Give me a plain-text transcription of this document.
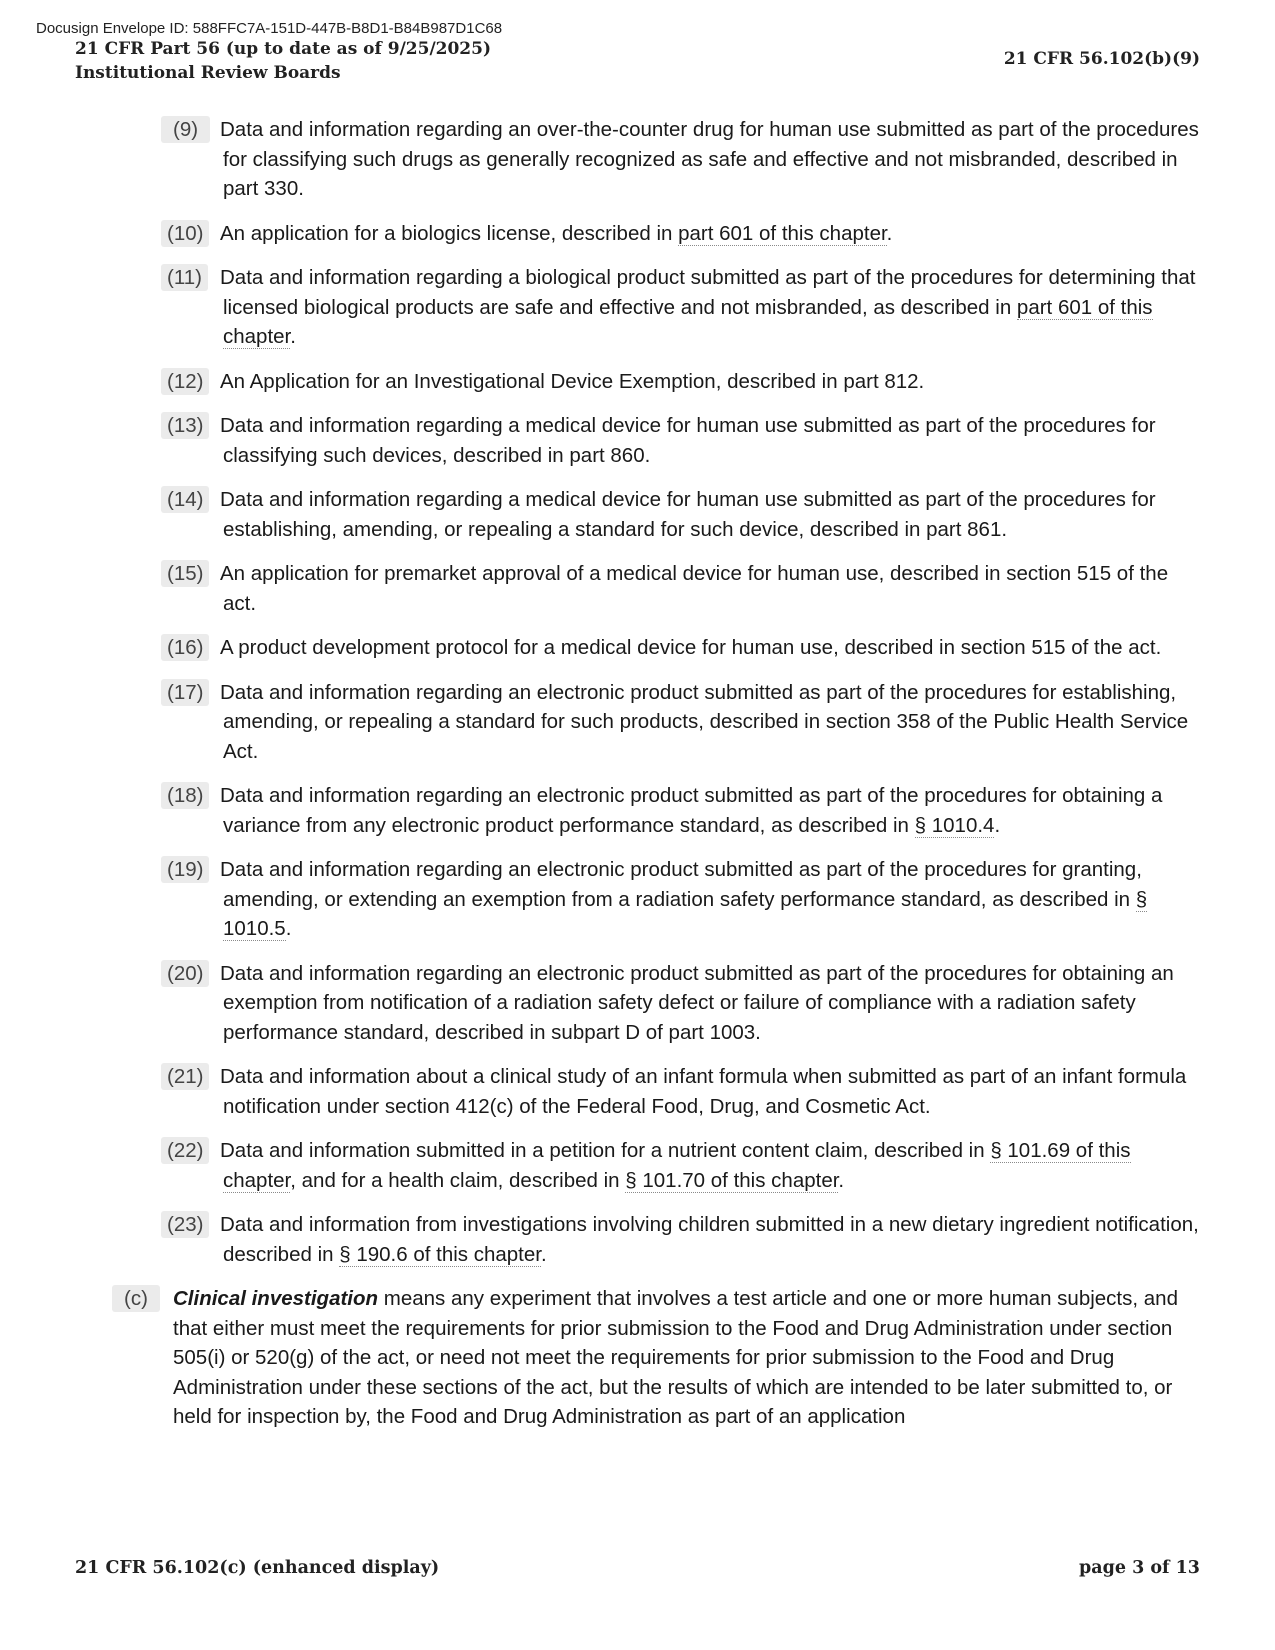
Docusign Envelope ID: 588FFC7A-151D-447B-B8D1-B84B987D1C68
21 CFR Part 56 (up to date as of 9/25/2025)
Institutional Review Boards
21 CFR 56.102(b)(9)
(9)	Data and information regarding an over-the-counter drug for human use submitted as part of the procedures for classifying such drugs as generally recognized as safe and effective and not misbranded, described in part 330.
(10) An application for a biologics license, described in part 601 of this chapter.
(11) Data and information regarding a biological product submitted as part of the procedures for determining that licensed biological products are safe and effective and not misbranded, as described in part 601 of this chapter.
(12) An Application for an Investigational Device Exemption, described in part 812.
(13) Data and information regarding a medical device for human use submitted as part of the procedures for classifying such devices, described in part 860.
(14) Data and information regarding a medical device for human use submitted as part of the procedures for establishing, amending, or repealing a standard for such device, described in part 861.
(15) An application for premarket approval of a medical device for human use, described in section 515 of the act.
(16) A product development protocol for a medical device for human use, described in section 515 of the act.
(17) Data and information regarding an electronic product submitted as part of the procedures for establishing, amending, or repealing a standard for such products, described in section 358 of the Public Health Service Act.
(18) Data and information regarding an electronic product submitted as part of the procedures for obtaining a variance from any electronic product performance standard, as described in § 1010.4.
(19) Data and information regarding an electronic product submitted as part of the procedures for granting, amending, or extending an exemption from a radiation safety performance standard, as described in § 1010.5.
(20) Data and information regarding an electronic product submitted as part of the procedures for obtaining an exemption from notification of a radiation safety defect or failure of compliance with a radiation safety performance standard, described in subpart D of part 1003.
(21) Data and information about a clinical study of an infant formula when submitted as part of an infant formula notification under section 412(c) of the Federal Food, Drug, and Cosmetic Act.
(22) Data and information submitted in a petition for a nutrient content claim, described in § 101.69 of this chapter, and for a health claim, described in § 101.70 of this chapter.
(23) Data and information from investigations involving children submitted in a new dietary ingredient notification, described in § 190.6 of this chapter.
(c)	Clinical investigation means any experiment that involves a test article and one or more human subjects, and that either must meet the requirements for prior submission to the Food and Drug Administration under section 505(i) or 520(g) of the act, or need not meet the requirements for prior submission to the Food and Drug Administration under these sections of the act, but the results of which are intended to be later submitted to, or held for inspection by, the Food and Drug Administration as part of an application
21 CFR 56.102(c) (enhanced display)	page 3 of 13
